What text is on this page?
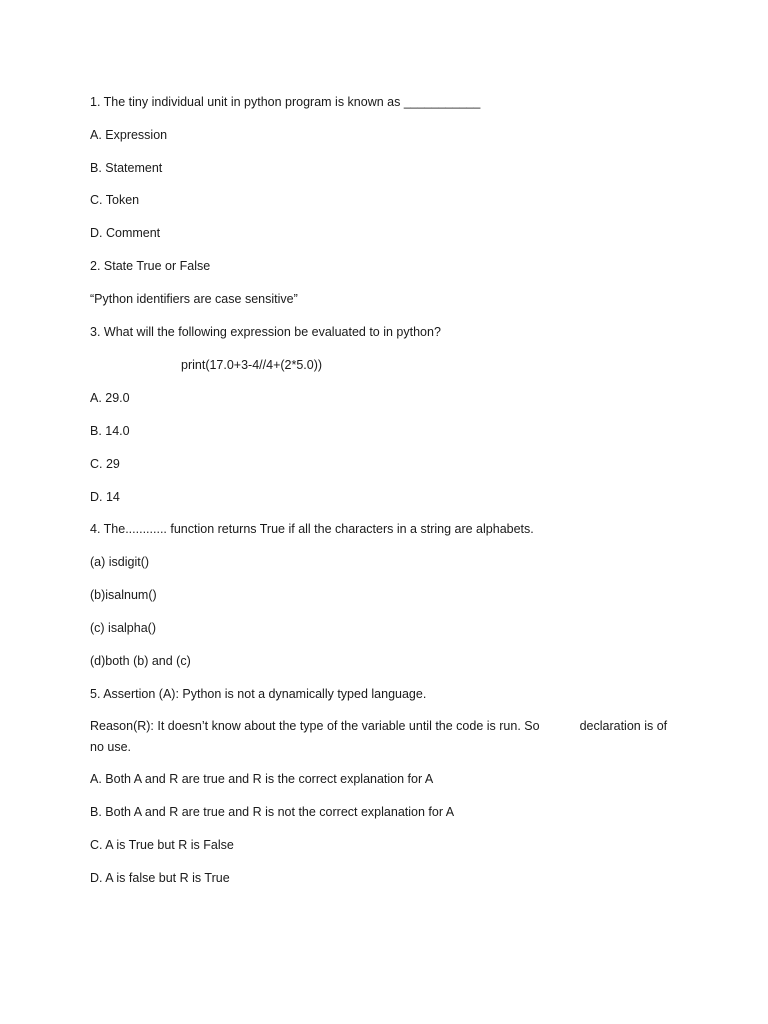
1. The tiny individual unit in python program is known as ___________
A. Expression
B. Statement
C. Token
D. Comment
2. State True or False
“Python identifiers are case sensitive”
3. What will the following expression be evaluated to in python?
print(17.0+3-4//4+(2*5.0))
A. 29.0
B. 14.0
C. 29
D. 14
4. The............ function returns True if all the characters in a string are alphabets.
(a) isdigit()
(b)isalnum()
(c) isalpha()
(d)both (b) and (c)
5. Assertion (A): Python is not a dynamically typed language.
Reason(R): It doesn’t know about the type of the variable until the code is run. So	declaration is of
no use.
A. Both A and R are true and R is the correct explanation for A
B. Both A and R are true and R is not the correct explanation for A
C. A is True but R is False
D. A is false but R is True
